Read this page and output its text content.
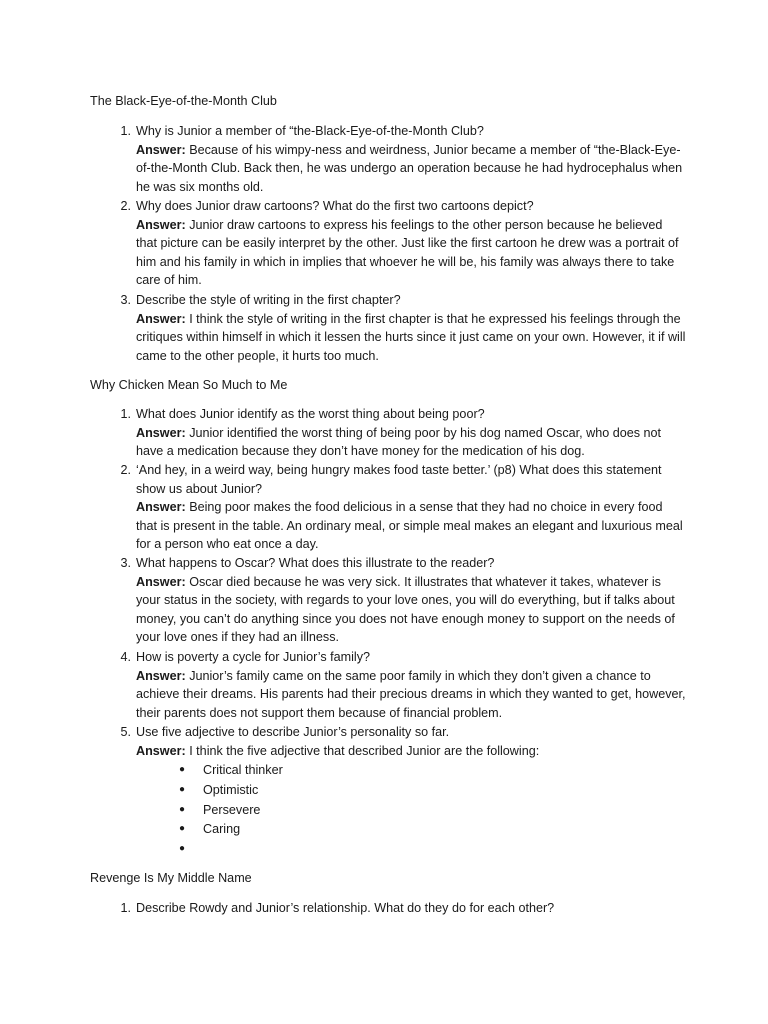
The Black-Eye-of-the-Month Club
1. Why is Junior a member of “the-Black-Eye-of-the-Month Club?
Answer: Because of his wimpy-ness and weirdness, Junior became a member of “the-Black-Eye-of-the-Month Club. Back then, he was undergo an operation because he had hydrocephalus when he was six months old.
2. Why does Junior draw cartoons? What do the first two cartoons depict?
Answer: Junior draw cartoons to express his feelings to the other person because he believed that picture can be easily interpret by the other. Just like the first cartoon he drew was a portrait of him and his family in which in implies that whoever he will be, his family was always there to take care of him.
3. Describe the style of writing in the first chapter?
Answer: I think the style of writing in the first chapter is that he expressed his feelings through the critiques within himself in which it lessen the hurts since it just came on your own. However, it if will came to the other people, it hurts too much.
Why Chicken Mean So Much to Me
1. What does Junior identify as the worst thing about being poor?
Answer: Junior identified the worst thing of being poor by his dog named Oscar, who does not have a medication because they don’t have money for the medication of his dog.
2. ‘And hey, in a weird way, being hungry makes food taste better.’ (p8) What does this statement show us about Junior?
Answer: Being poor makes the food delicious in a sense that they had no choice in every food that is present in the table. An ordinary meal, or simple meal makes an elegant and luxurious meal for a person who eat once a day.
3. What happens to Oscar? What does this illustrate to the reader?
Answer: Oscar died because he was very sick. It illustrates that whatever it takes, whatever is your status in the society, with regards to your love ones, you will do everything, but if talks about money, you can’t do anything since you does not have enough money to support on the needs of your love ones if they had an illness.
4. How is poverty a cycle for Junior’s family?
Answer: Junior’s family came on the same poor family in which they don’t given a chance to achieve their dreams. His parents had their precious dreams in which they wanted to get, however, their parents does not support them because of financial problem.
5. Use five adjective to describe Junior’s personality so far.
Answer: I think the five adjective that described Junior are the following:
● Critical thinker
● Optimistic
● Persevere
● Caring
●
Revenge Is My Middle Name
1. Describe Rowdy and Junior’s relationship. What do they do for each other?
